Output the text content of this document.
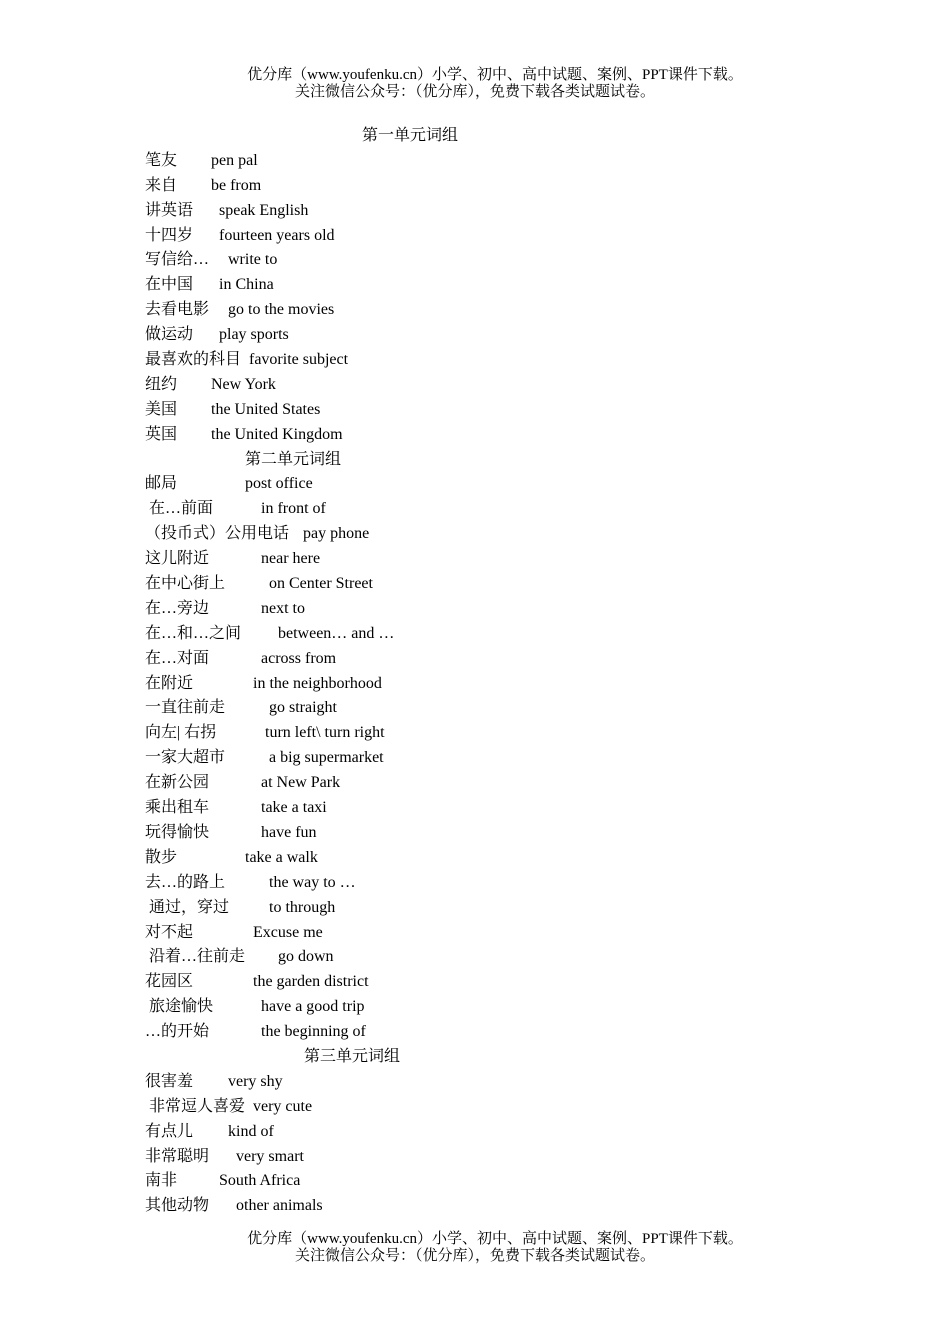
优分库（www.youfenku.cn）小学、初中、高中试题、案例、PPT课件下载。
关注微信公众号：（优分库），免费下载各类试题试卷。

第一单元词组

笔友 pen pal
来自 be from
讲英语 speak English
十四岁 fourteen years old
写信给… write to
在中国 in China
去看电影 go to the movies
做运动 play sports
最喜欢的科目 favorite subject
纽约 New York
美国 the United States
英国 the United Kingdom

第二单元词组

邮局	post office
在…前面	in front of
（投币式）公用电话 pay phone
这儿附近	near here
在中心街上	on Center Street
在…旁边	next to
在…和…之间 between… and …
在…对面	across from
在附近	in the neighborhood
一直往前走	go straight
向左| 右拐	turn left\ turn right
一家大超市	a big supermarket
在新公园	at New Park
乘出租车	take a taxi
玩得愉快	have fun
散步	take a walk
去…的路上	the way to …
通过，穿过 to through
对不起	Excuse me
沿着…往前走 go down
花园区	the garden district
旅途愉快	have a good trip
…的开始	the beginning of

第三单元词组

很害羞 very shy
非常逗人喜爱 very cute
有点儿 kind of
非常聪明 very smart
南非	South Africa
其他动物 other animals
优分库（www.youfenku.cn）小学、初中、高中试题、案例、PPT课件下载。
关注微信公众号：（优分库），免费下载各类试题试卷。
